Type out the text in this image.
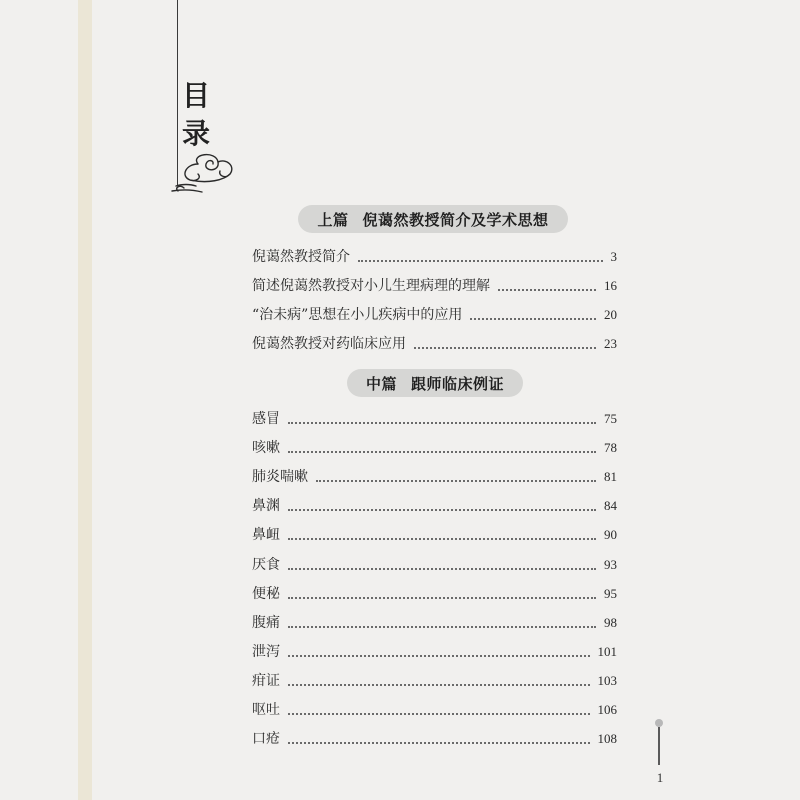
目
录
上篇 倪蔼然教授简介及学术思想
倪蔼然教授简介	3
简述倪蔼然教授对小儿生理病理的理解	16
“治未病”思想在小儿疾病中的应用	20
倪蔼然教授对药临床应用	23
中篇 跟师临床例证
感冒	75
咳嗽	78
肺炎喘嗽	81
鼻渊	84
鼻衄	90
厌食	93
便秘	95
腹痛	98
泄泻	101
疳证	103
呕吐	106
口疮	108
1
